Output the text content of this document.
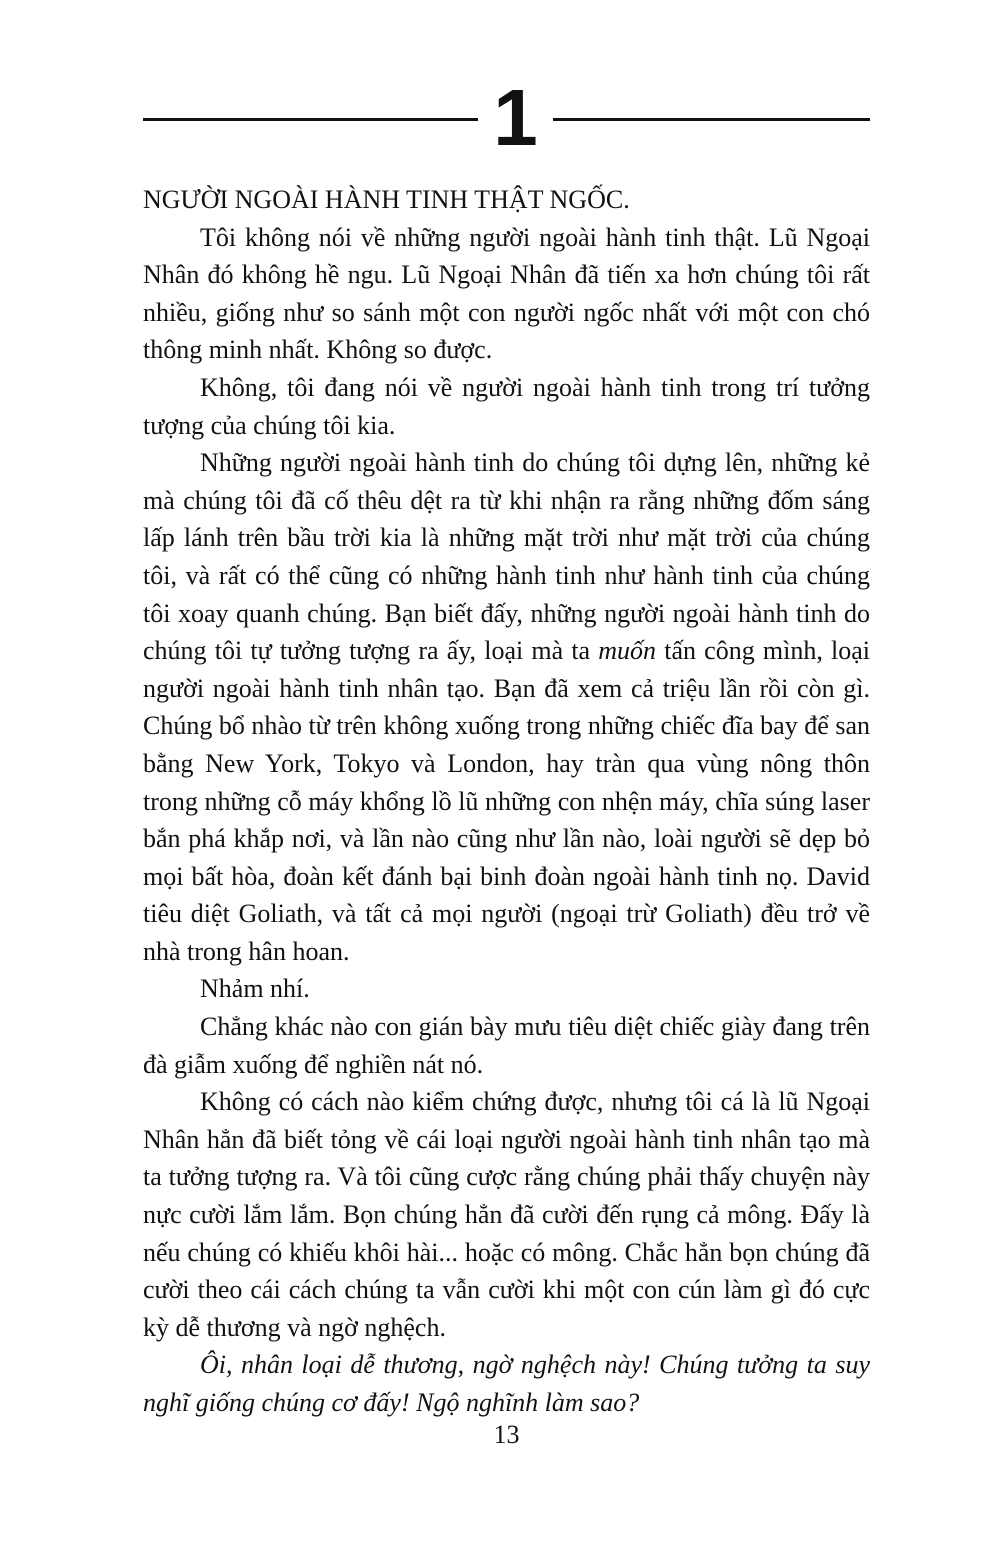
1

NGƯỜI NGOÀI HÀNH TINH THẬT NGỐC.

Tôi không nói về những người ngoài hành tinh thật. Lũ Ngoại Nhân đó không hề ngu. Lũ Ngoại Nhân đã tiến xa hơn chúng tôi rất nhiều, giống như so sánh một con người ngốc nhất với một con chó thông minh nhất. Không so được.

Không, tôi đang nói về người ngoài hành tinh trong trí tưởng tượng của chúng tôi kia.

Những người ngoài hành tinh do chúng tôi dựng lên, những kẻ mà chúng tôi đã cố thêu dệt ra từ khi nhận ra rằng những đốm sáng lấp lánh trên bầu trời kia là những mặt trời như mặt trời của chúng tôi, và rất có thể cũng có những hành tinh như hành tinh của chúng tôi xoay quanh chúng. Bạn biết đấy, những người ngoài hành tinh do chúng tôi tự tưởng tượng ra ấy, loại mà ta muốn tấn công mình, loại người ngoài hành tinh nhân tạo. Bạn đã xem cả triệu lần rồi còn gì. Chúng bổ nhào từ trên không xuống trong những chiếc đĩa bay để san bằng New York, Tokyo và London, hay tràn qua vùng nông thôn trong những cỗ máy khổng lồ lũ những con nhện máy, chĩa súng laser bắn phá khắp nơi, và lần nào cũng như lần nào, loài người sẽ dẹp bỏ mọi bất hòa, đoàn kết đánh bại binh đoàn ngoài hành tinh nọ. David tiêu diệt Goliath, và tất cả mọi người (ngoại trừ Goliath) đều trở về nhà trong hân hoan.

Nhảm nhí.

Chẳng khác nào con gián bày mưu tiêu diệt chiếc giày đang trên đà giẫm xuống để nghiền nát nó.

Không có cách nào kiểm chứng được, nhưng tôi cá là lũ Ngoại Nhân hẳn đã biết tỏng về cái loại người ngoài hành tinh nhân tạo mà ta tưởng tượng ra. Và tôi cũng cược rằng chúng phải thấy chuyện này nực cười lắm lắm. Bọn chúng hẳn đã cười đến rụng cả mông. Đấy là nếu chúng có khiếu khôi hài... hoặc có mông. Chắc hẳn bọn chúng đã cười theo cái cách chúng ta vẫn cười khi một con cún làm gì đó cực kỳ dễ thương và ngờ nghệch.

Ôi, nhân loại dễ thương, ngờ nghệch này! Chúng tưởng ta suy nghĩ giống chúng cơ đấy! Ngộ nghĩnh làm sao?

13
